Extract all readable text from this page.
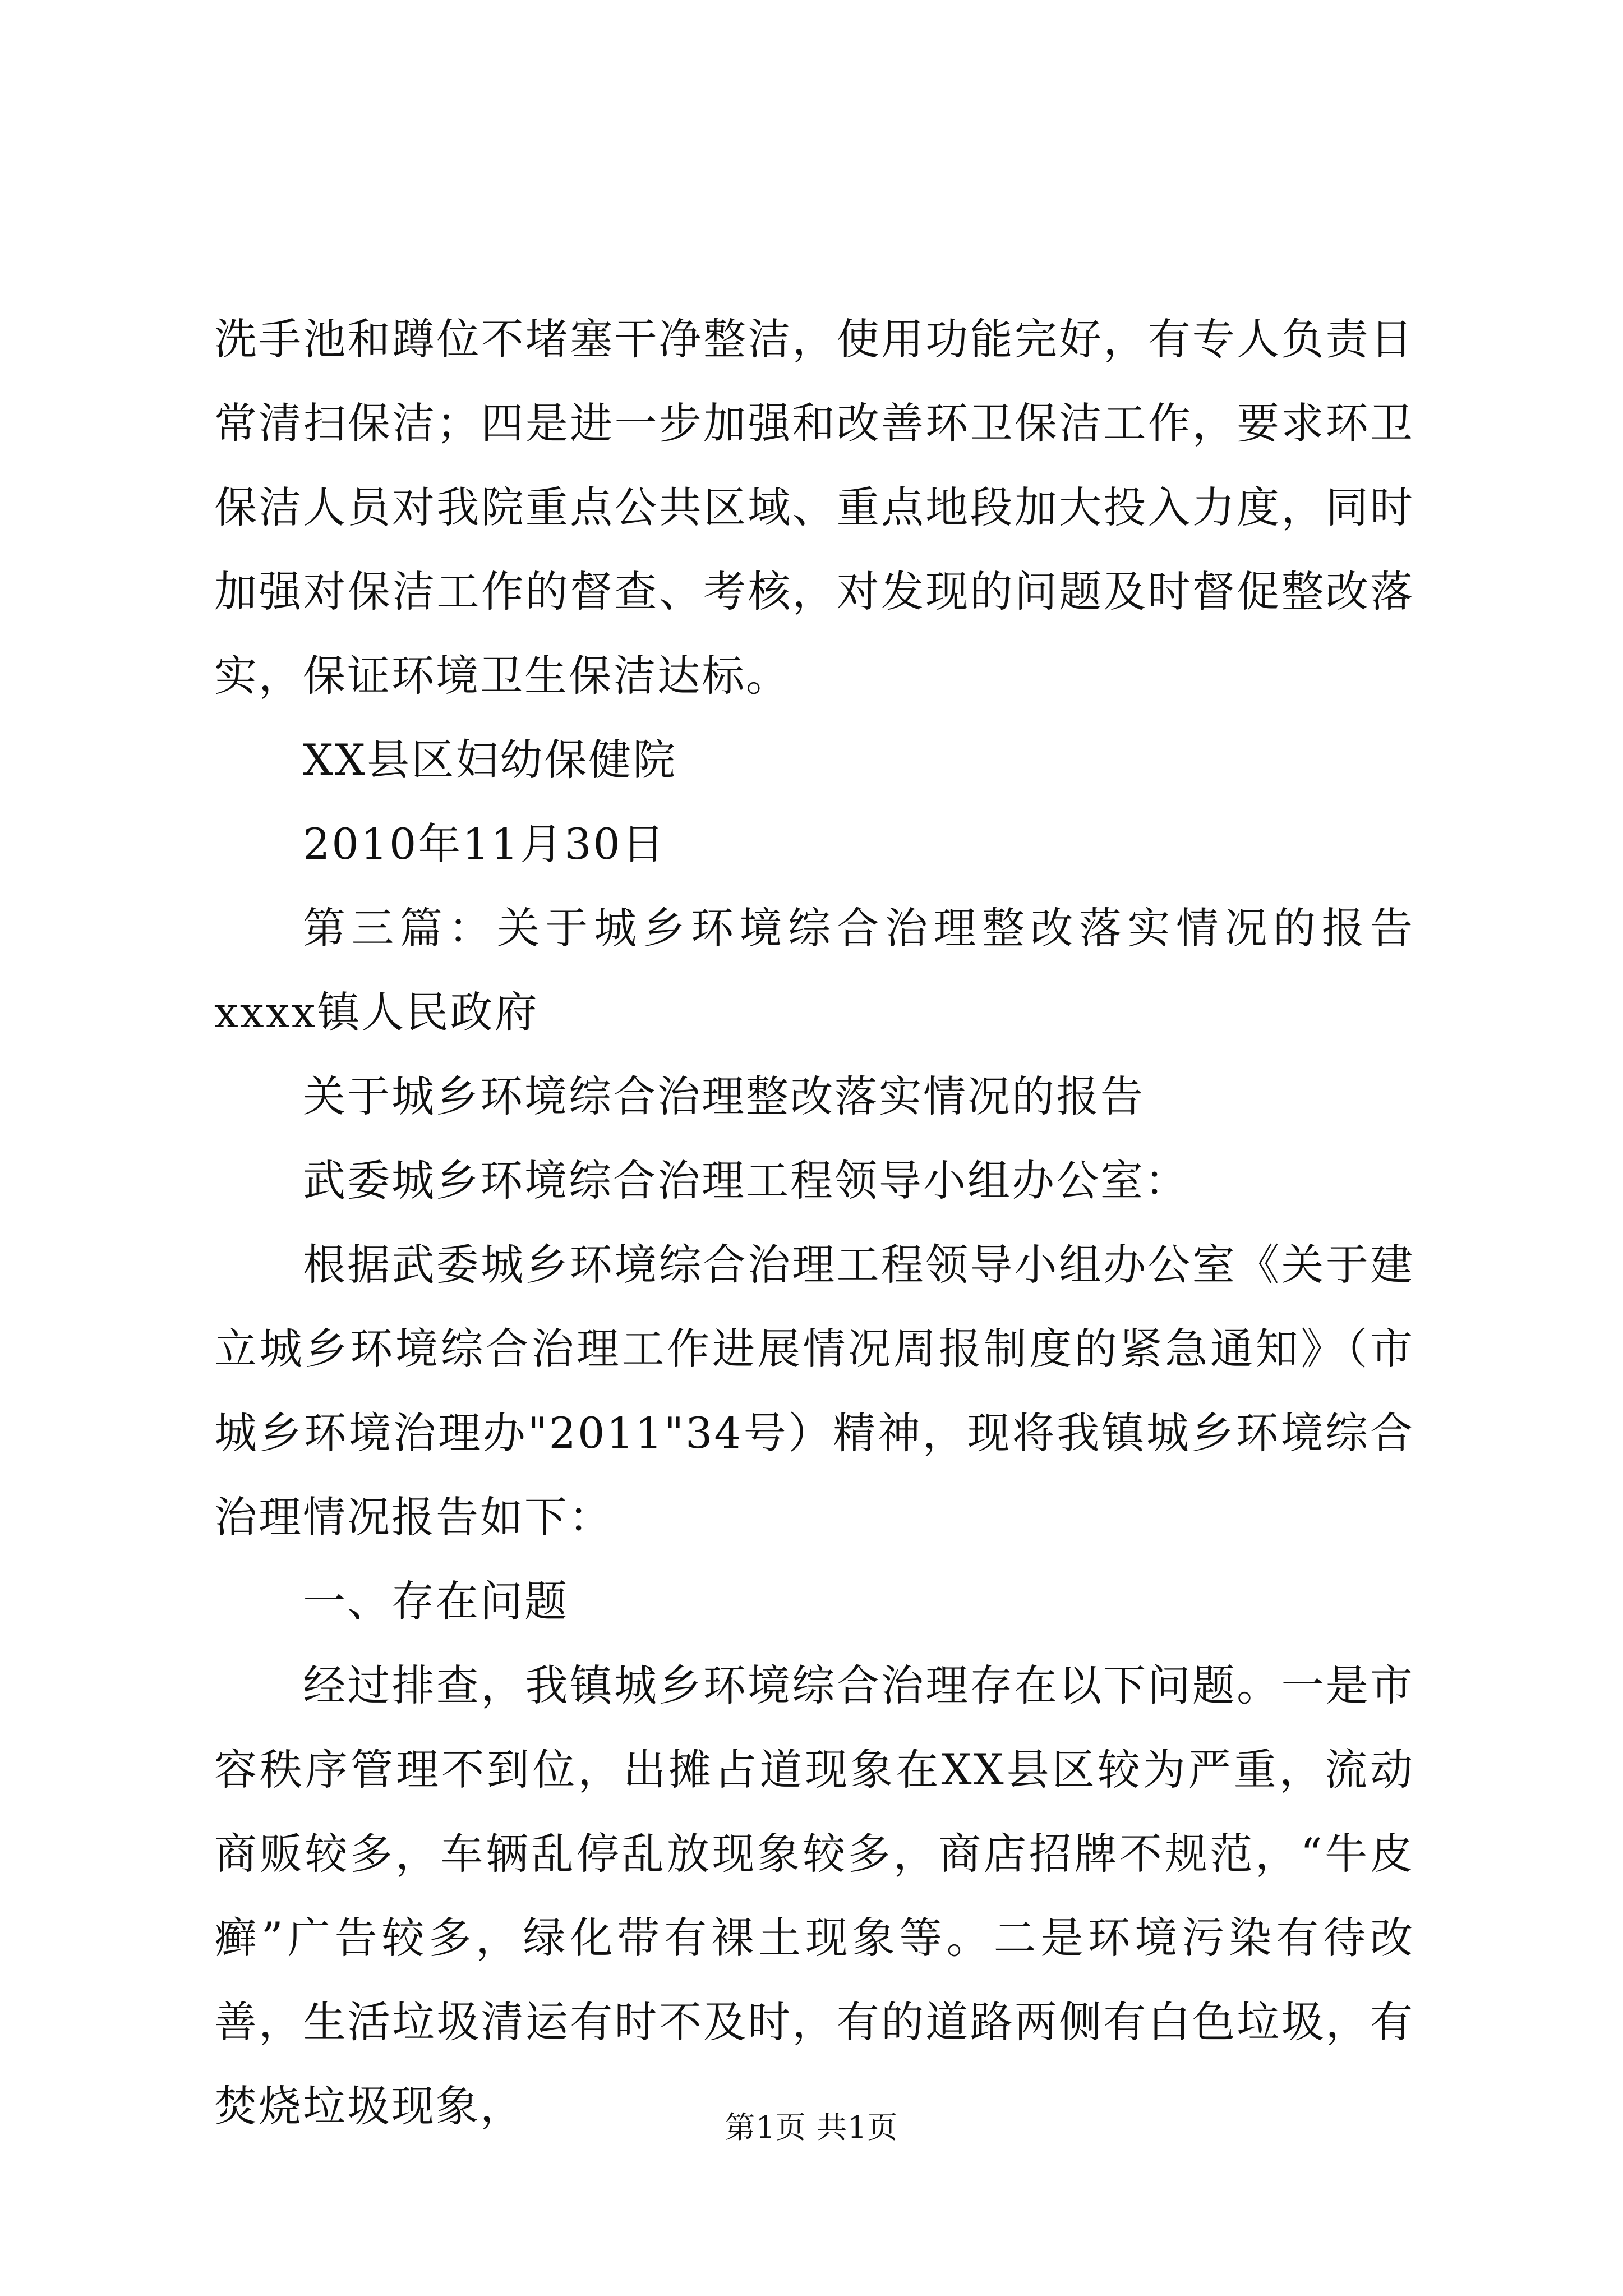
洗手池和蹲位不堵塞干净整洁，使用功能完好，有专人负责日常清扫保洁；四是进一步加强和改善环卫保洁工作，要求环卫保洁人员对我院重点公共区域、重点地段加大投入力度，同时加强对保洁工作的督查、考核，对发现的问题及时督促整改落实，保证环境卫生保洁达标。

XX县区妇幼保健院

2010年11月30日

第三篇：关于城乡环境综合治理整改落实情况的报告xxxx镇人民政府

关于城乡环境综合治理整改落实情况的报告

武委城乡环境综合治理工程领导小组办公室：

根据武委城乡环境综合治理工程领导小组办公室《关于建立城乡环境综合治理工作进展情况周报制度的紧急通知》（市城乡环境治理办"2011"34号）精神，现将我镇城乡环境综合治理情况报告如下：

一、存在问题

经过排查，我镇城乡环境综合治理存在以下问题。一是市容秩序管理不到位，出摊占道现象在XX县区较为严重，流动商贩较多，车辆乱停乱放现象较多，商店招牌不规范，“牛皮癣”广告较多，绿化带有裸土现象等。二是环境污染有待改善，生活垃圾清运有时不及时，有的道路两侧有白色垃圾，有焚烧垃圾现象，	第1页 共1页
